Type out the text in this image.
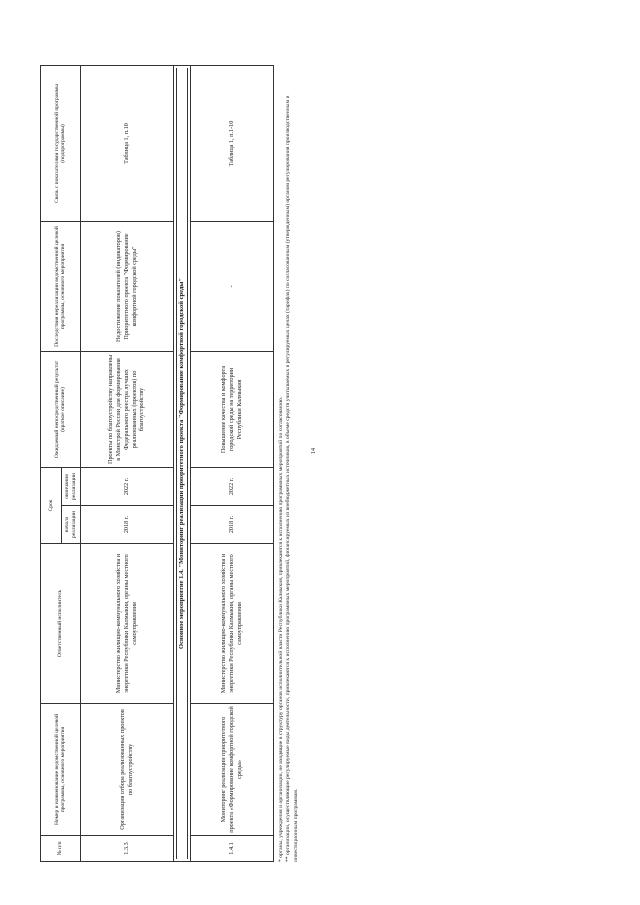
14
№ п/п	Номер и наименование ведомственной целевой программы, основного мероприятия	Ответственный исполнитель	Срок		Ожидаемый непосредственный результат (краткое описание)	Последствия нереализации ведомственной целевой программы, основного мероприятия	Связь с показателями государственной программы (подпрограммы)
			начала реализации	окончания реализации			
1.3.3	Организация отбора реализованных проектов по благоустройству	Министерство жилищно-коммунального хозяйства и энергетики Республики Калмыкия, органы местного самоуправления	2018 г.	2022 г.	Проекты по благоустройству направлены в Минстрой России для формирования Федерального реестра лучших реализованных (проектов) по благоустройству	Недостижение показателей (индикаторов) Приоритетного проекта "Формирование комфортной городской среды"	Таблица 1, п.10

Основное мероприятие 1.4. "Мониторинг реализации приоритетного проекта "Формирование комфортной городской среды"							

1.4.1	Мониторинг реализации приоритетного проекта «Формирование комфортной городской среды»	Министерство жилищно-коммунального хозяйства и энергетики Республики Калмыкия, органы местного самоуправления	2018 г.	2022 г.	Повышение качества и комфорта городской среды на территории Республики Калмыкия	-	Таблица 1, п.1-10

* органы, учреждения и организации, не входящие в структуру органов исполнительной власти Республики Калмыкия, привлекаются к исполнению программных мероприятий по согласованию. ** организации, осуществляющие регулируемые виды деятельности, привлекаются к исполнению программных мероприятий, финансируемых из внебюджетных источников, в объеме средств учитываемых в регулируемых ценах (тарифах) по согласованным (утвержденным) органом регулирования производственным и инвестиционным программам.
